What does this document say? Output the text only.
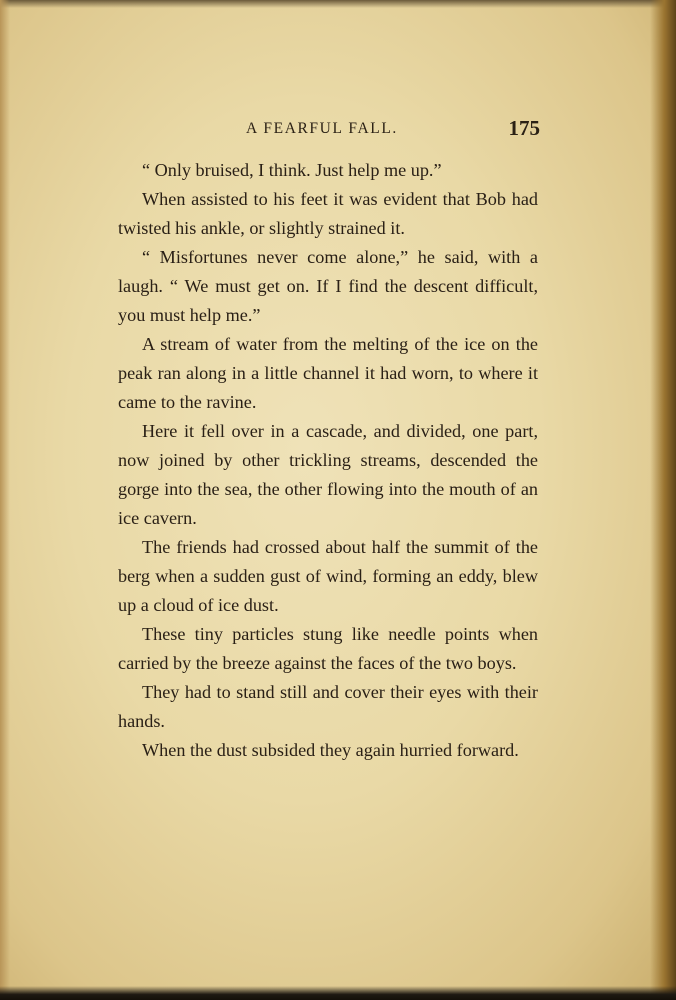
A FEARFUL FALL.	175

“ Only bruised, I think. Just help me up.”

When assisted to his feet it was evident that Bob had twisted his ankle, or slightly strained it.

“ Misfortunes never come alone,” he said, with a laugh. “ We must get on. If I find the descent difficult, you must help me.”

A stream of water from the melting of the ice on the peak ran along in a little channel it had worn, to where it came to the ravine.

Here it fell over in a cascade, and divided, one part, now joined by other trickling streams, descended the gorge into the sea, the other flowing into the mouth of an ice cavern.

The friends had crossed about half the summit of the berg when a sudden gust of wind, forming an eddy, blew up a cloud of ice dust.

These tiny particles stung like needle points when carried by the breeze against the faces of the two boys.

They had to stand still and cover their eyes with their hands.

When the dust subsided they again hurried forward.
